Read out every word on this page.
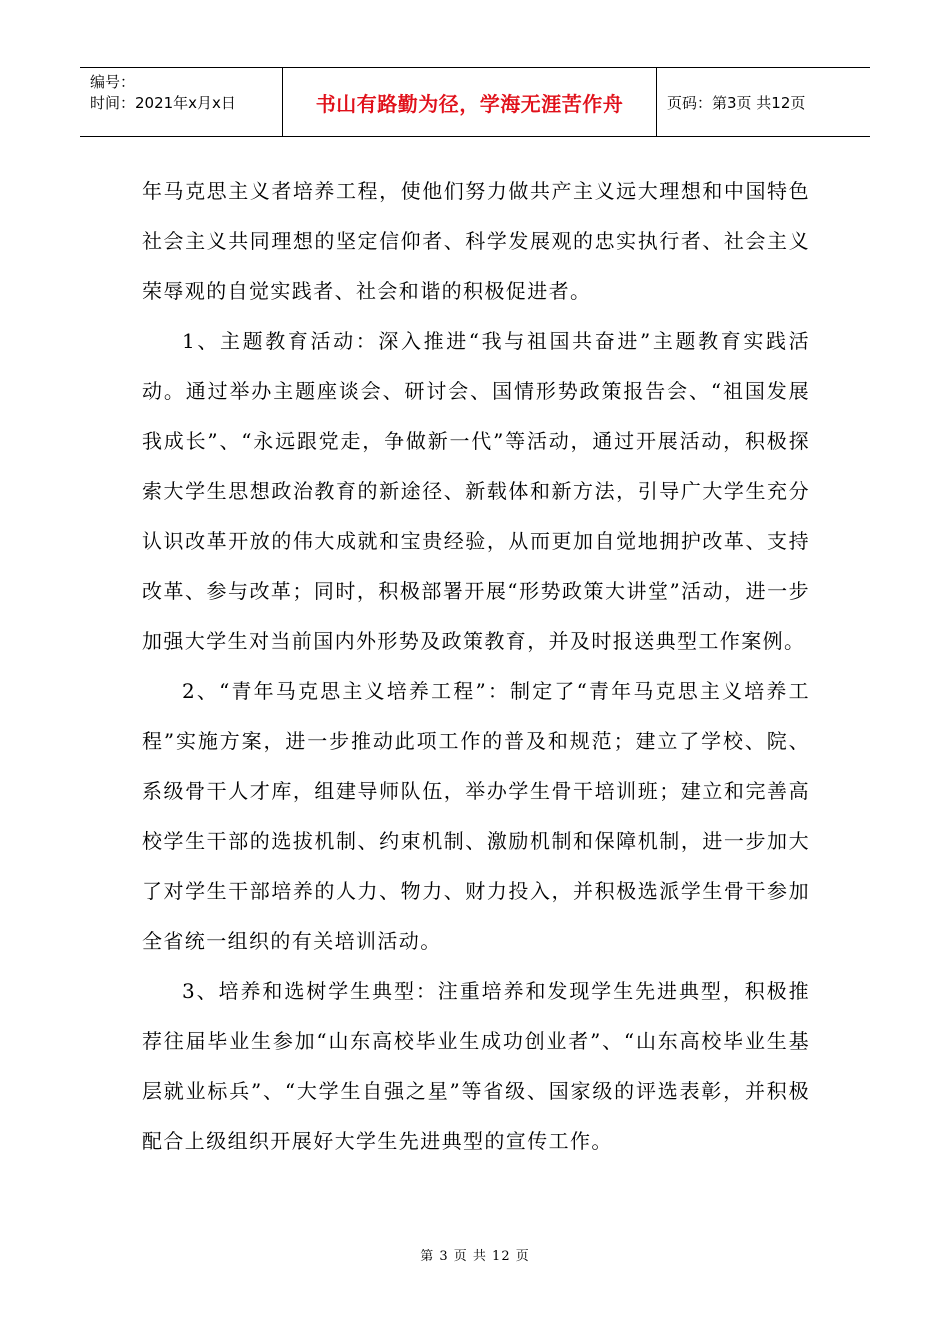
编号：
时间：2021年x月x日	书山有路勤为径，学海无涯苦作舟	页码：第3页 共12页

年马克思主义者培养工程，使他们努力做共产主义远大理想和中国特色社会主义共同理想的坚定信仰者、科学发展观的忠实执行者、社会主义荣辱观的自觉实践者、社会和谐的积极促进者。

1、主题教育活动：深入推进“我与祖国共奋进”主题教育实践活动。通过举办主题座谈会、研讨会、国情形势政策报告会、“祖国发展我成长”、“永远跟党走，争做新一代”等活动，通过开展活动，积极探索大学生思想政治教育的新途径、新载体和新方法，引导广大学生充分认识改革开放的伟大成就和宝贵经验，从而更加自觉地拥护改革、支持改革、参与改革；同时，积极部署开展“形势政策大讲堂”活动，进一步加强大学生对当前国内外形势及政策教育，并及时报送典型工作案例。

2、“青年马克思主义培养工程”：制定了“青年马克思主义培养工程”实施方案，进一步推动此项工作的普及和规范；建立了学校、院、系级骨干人才库，组建导师队伍，举办学生骨干培训班；建立和完善高校学生干部的选拔机制、约束机制、激励机制和保障机制，进一步加大了对学生干部培养的人力、物力、财力投入，并积极选派学生骨干参加全省统一组织的有关培训活动。

3、培养和选树学生典型：注重培养和发现学生先进典型，积极推荐往届毕业生参加“山东高校毕业生成功创业者”、“山东高校毕业生基层就业标兵”、“大学生自强之星”等省级、国家级的评选表彰，并积极配合上级组织开展好大学生先进典型的宣传工作。

第 3 页 共 12 页
